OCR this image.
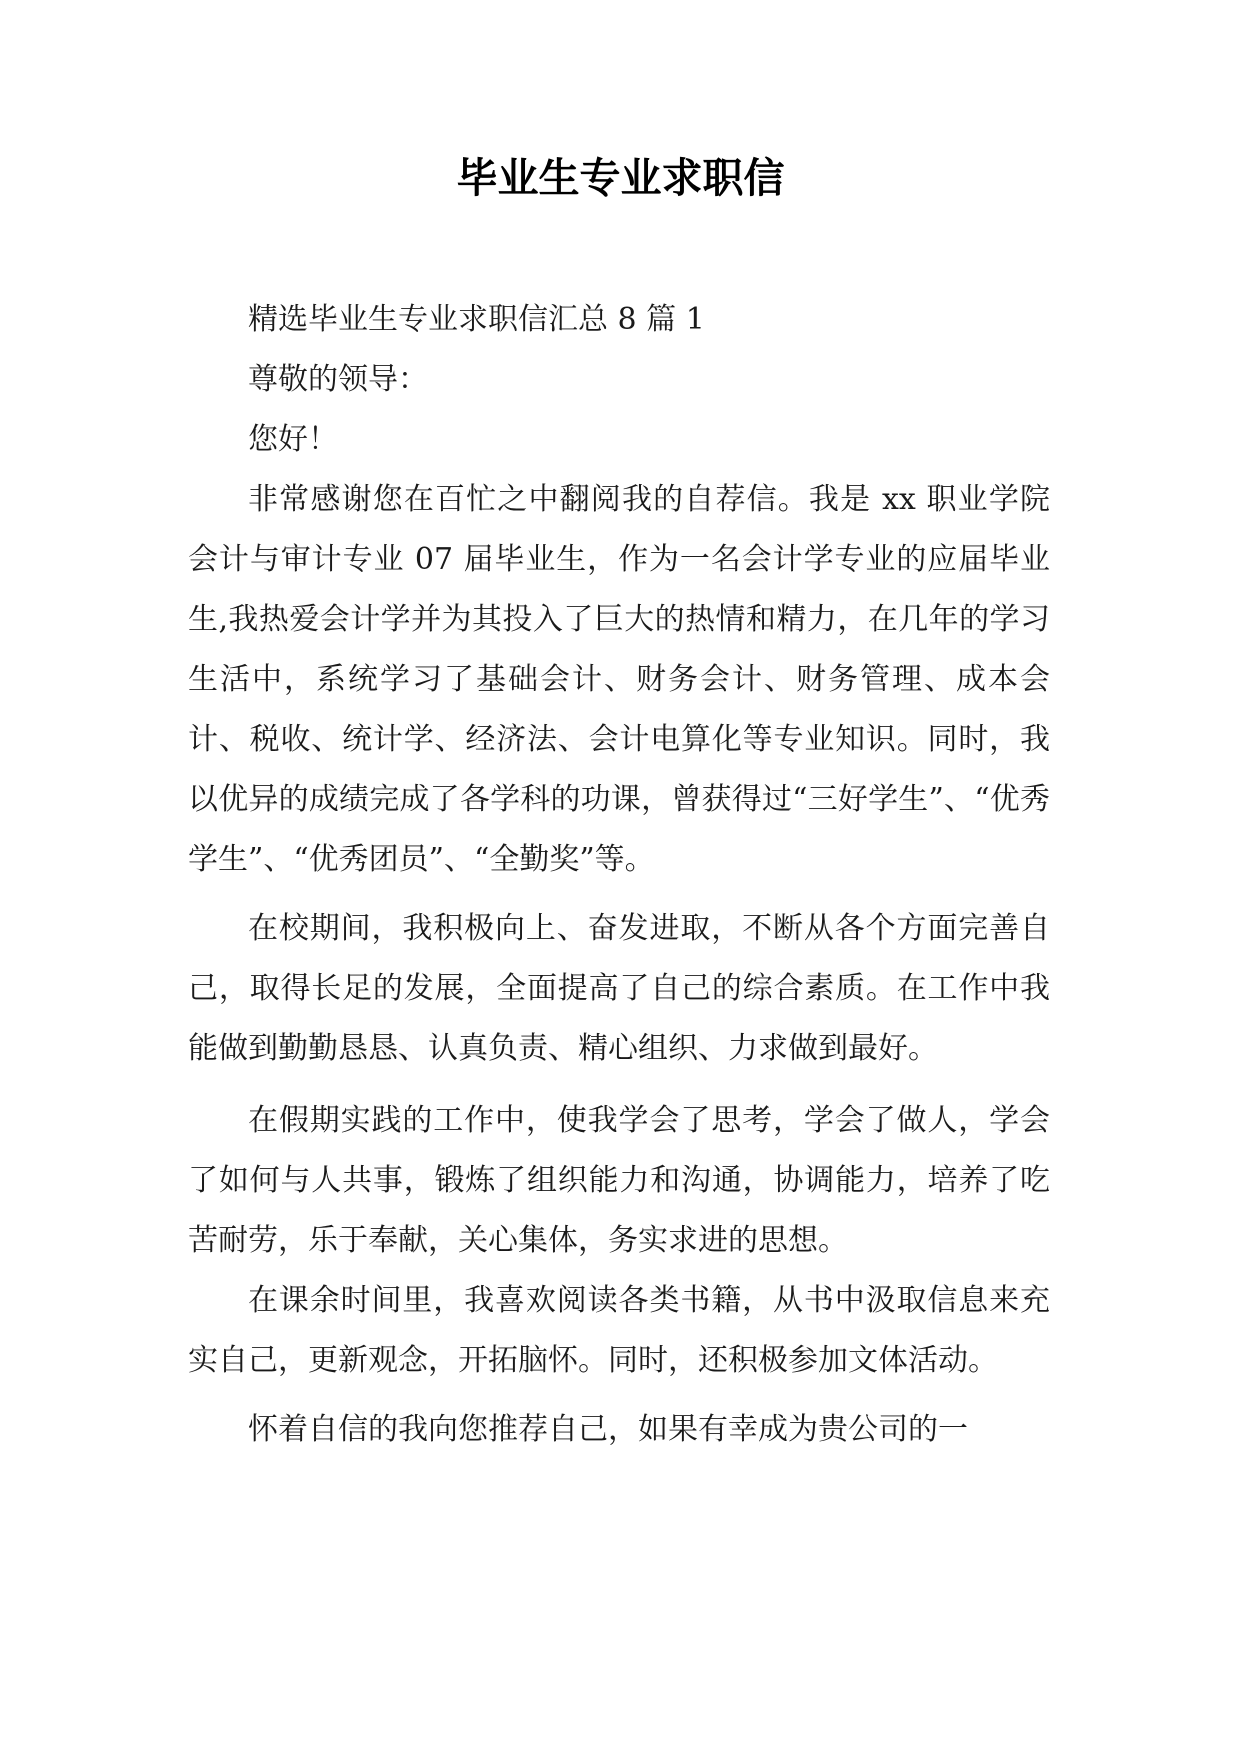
毕业生专业求职信

精选毕业生专业求职信汇总 8 篇 1

尊敬的领导：

您好！

非常感谢您在百忙之中翻阅我的自荐信。我是 xx 职业学院会计与审计专业 07 届毕业生，作为一名会计学专业的应届毕业生,我热爱会计学并为其投入了巨大的热情和精力，在几年的学习生活中，系统学习了基础会计、财务会计、财务管理、成本会计、税收、统计学、经济法、会计电算化等专业知识。同时，我以优异的成绩完成了各学科的功课，曾获得过“三好学生”、“优秀学生”、“优秀团员”、“全勤奖”等。

在校期间，我积极向上、奋发进取，不断从各个方面完善自己，取得长足的发展，全面提高了自己的综合素质。在工作中我能做到勤勤恳恳、认真负责、精心组织、力求做到最好。

在假期实践的工作中，使我学会了思考，学会了做人，学会了如何与人共事，锻炼了组织能力和沟通，协调能力，培养了吃苦耐劳，乐于奉献，关心集体，务实求进的思想。

在课余时间里，我喜欢阅读各类书籍，从书中汲取信息来充实自己，更新观念，开拓脑怀。同时，还积极参加文体活动。

怀着自信的我向您推荐自己，如果有幸成为贵公司的一
